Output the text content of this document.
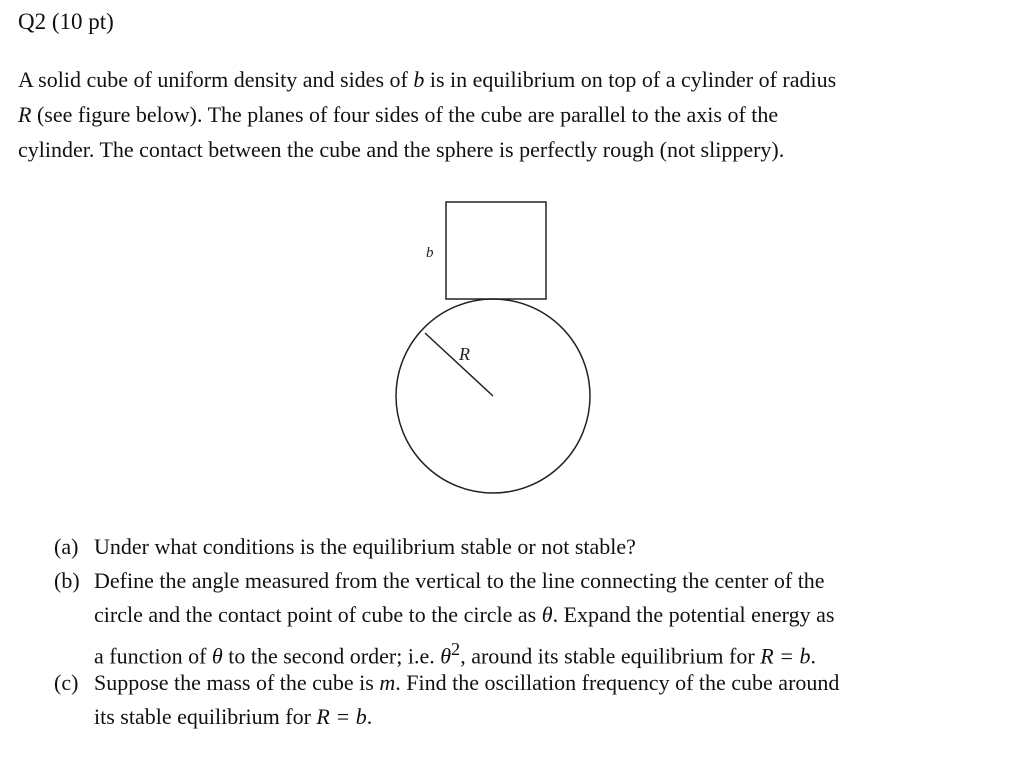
Q2 (10 pt)
A solid cube of uniform density and sides of b is in equilibrium on top of a cylinder of radius
R (see figure below). The planes of four sides of the cube are parallel to the axis of the
cylinder. The contact between the cube and the sphere is perfectly rough (not slippery).
b
R
(a) Under what conditions is the equilibrium stable or not stable?
(b) Define the angle measured from the vertical to the line connecting the center of the
circle and the contact point of cube to the circle as θ. Expand the potential energy as
a function of θ to the second order; i.e. $\theta^2$, around its stable equilibrium for R = b.
(c) Suppose the mass of the cube is m. Find the oscillation frequency of the cube around
its stable equilibrium for R = b.
